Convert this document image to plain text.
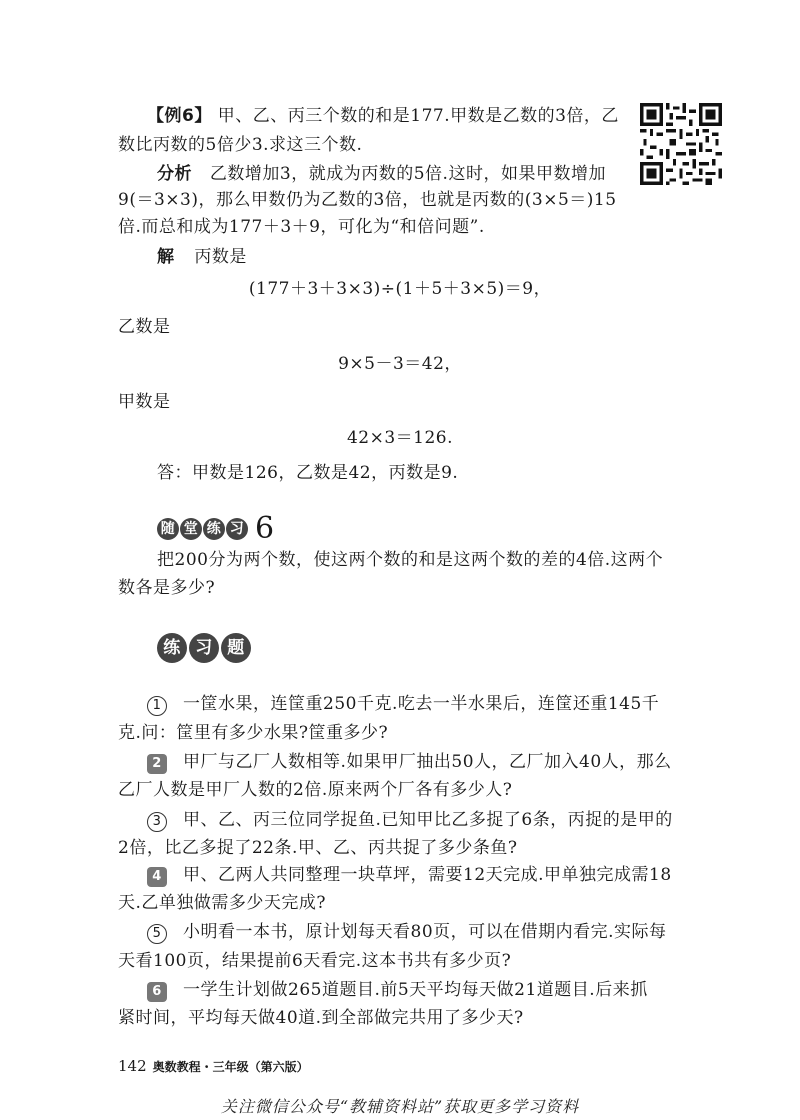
【例6】 甲、乙、丙三个数的和是177.甲数是乙数的3倍，乙
数比丙数的5倍少3.求这三个数.
分析 乙数增加3，就成为丙数的5倍.这时，如果甲数增加
9(＝3×3)，那么甲数仍为乙数的3倍，也就是丙数的(3×5＝)15
倍.而总和成为177＋3＋9，可化为“和倍问题”.
解 丙数是
(177＋3＋3×3)÷(1＋5＋3×5)＝9，
乙数是
9×5－3＝42，
甲数是
42×3＝126.
答：甲数是126，乙数是42，丙数是9.
随 堂 练 习 6
把200分为两个数，使这两个数的和是这两个数的差的4倍.这两个
数各是多少?
练 习 题
1 一筐水果，连筐重250千克.吃去一半水果后，连筐还重145千
克.问：筐里有多少水果?筐重多少?
2 甲厂与乙厂人数相等.如果甲厂抽出50人，乙厂加入40人，那么
乙厂人数是甲厂人数的2倍.原来两个厂各有多少人?
3 甲、乙、丙三位同学捉鱼.已知甲比乙多捉了6条，丙捉的是甲的
2倍，比乙多捉了22条.甲、乙、丙共捉了多少条鱼?
4 甲、乙两人共同整理一块草坪，需要12天完成.甲单独完成需18
天.乙单独做需多少天完成?
5 小明看一本书，原计划每天看80页，可以在借期内看完.实际每
天看100页，结果提前6天看完.这本书共有多少页?
6 一学生计划做265道题目.前5天平均每天做21道题目.后来抓
紧时间，平均每天做40道.到全部做完共用了多少天?
142 奥数教程・三年级（第六版）
关注微信公众号“教辅资料站”获取更多学习资料
